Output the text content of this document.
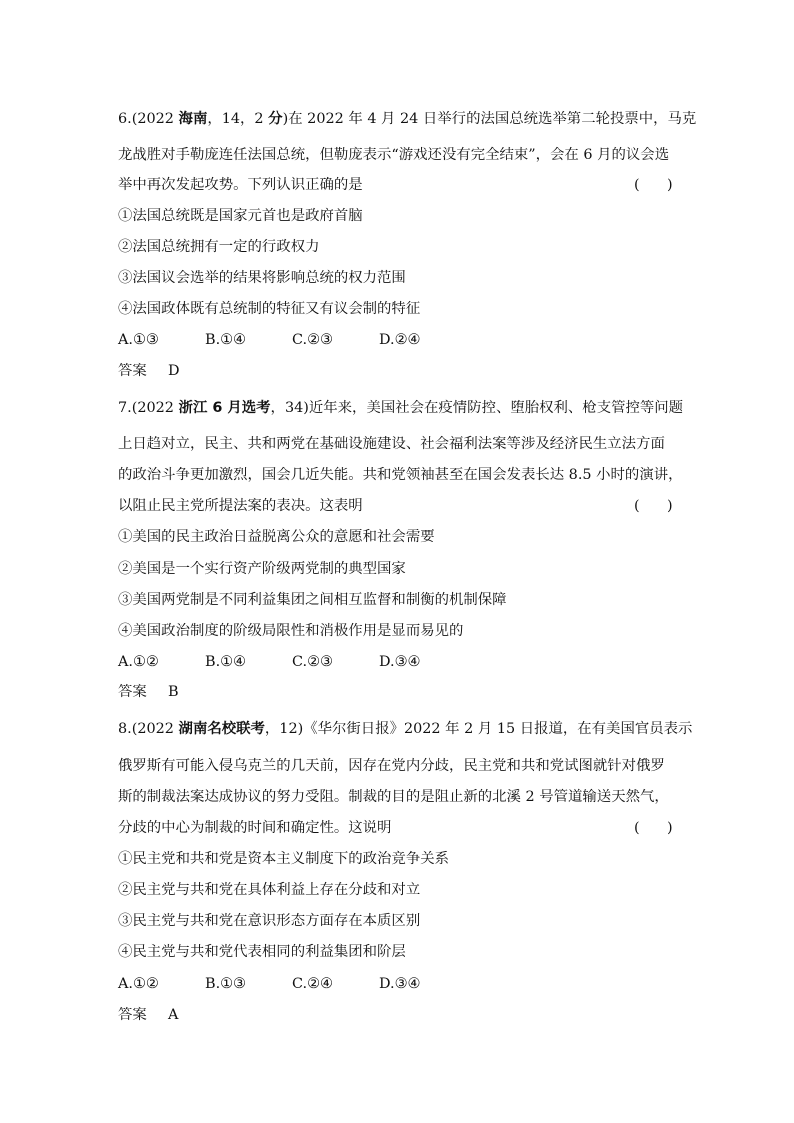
6.(2022 海南，14，2 分)在 2022 年 4 月 24 日举行的法国总统选举第二轮投票中，马克
龙战胜对手勒庞连任法国总统，但勒庞表示“游戏还没有完全结束”，会在 6 月的议会选
举中再次发起攻势。下列认识正确的是	(      )
①法国总统既是国家元首也是政府首脑
②法国总统拥有一定的行政权力
③法国议会选举的结果将影响总统的权力范围
④法国政体既有总统制的特征又有议会制的特征
A.①③	B.①④	C.②③	D.②④
答案 D
7.(2022 浙江 6 月选考，34)近年来，美国社会在疫情防控、堕胎权利、枪支管控等问题
上日趋对立，民主、共和两党在基础设施建设、社会福利法案等涉及经济民生立法方面
的政治斗争更加激烈，国会几近失能。共和党领袖甚至在国会发表长达 8.5 小时的演讲，
以阻止民主党所提法案的表决。这表明	(      )
①美国的民主政治日益脱离公众的意愿和社会需要
②美国是一个实行资产阶级两党制的典型国家
③美国两党制是不同利益集团之间相互监督和制衡的机制保障
④美国政治制度的阶级局限性和消极作用是显而易见的
A.①②	B.①④	C.②③	D.③④
答案 B
8.(2022 湖南名校联考，12)《华尔街日报》2022 年 2 月 15 日报道，在有美国官员表示
俄罗斯有可能入侵乌克兰的几天前，因存在党内分歧，民主党和共和党试图就针对俄罗
斯的制裁法案达成协议的努力受阻。制裁的目的是阻止新的北溪 2 号管道输送天然气，
分歧的中心为制裁的时间和确定性。这说明	(      )
①民主党和共和党是资本主义制度下的政治竞争关系
②民主党与共和党在具体利益上存在分歧和对立
③民主党与共和党在意识形态方面存在本质区别
④民主党与共和党代表相同的利益集团和阶层
A.①②	B.①③	C.②④	D.③④
答案 A
